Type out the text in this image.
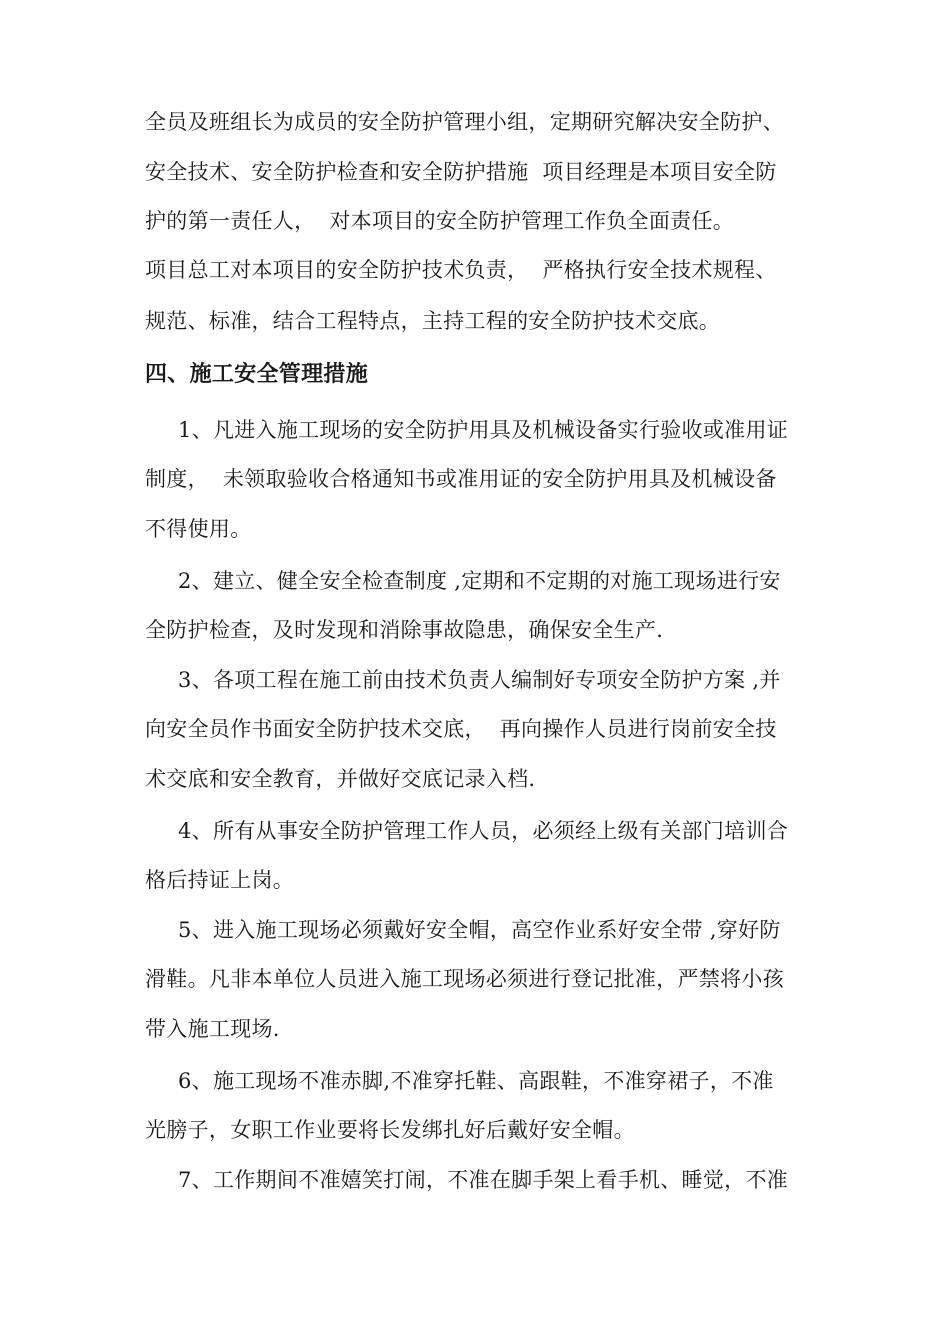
全员及班组长为成员的安全防护管理小组，定期研究解决安全防护、
安全技术、安全防护检查和安全防护措施  项目经理是本项目安全防
护的第一责任人，  对本项目的安全防护管理工作负全面责任。
项目总工对本项目的安全防护技术负责，  严格执行安全技术规程、
规范、标准，结合工程特点，主持工程的安全防护技术交底。
四、施工安全管理措施
1、凡进入施工现场的安全防护用具及机械设备实行验收或准用证
制度，  未领取验收合格通知书或准用证的安全防护用具及机械设备
不得使用。
2、建立、健全安全检查制度 ,定期和不定期的对施工现场进行安
全防护检查，及时发现和消除事故隐患，确保安全生产.
3、各项工程在施工前由技术负责人编制好专项安全防护方案 ,并
向安全员作书面安全防护技术交底，  再向操作人员进行岗前安全技
术交底和安全教育，并做好交底记录入档.
4、所有从事安全防护管理工作人员，必须经上级有关部门培训合
格后持证上岗。
5、进入施工现场必须戴好安全帽，高空作业系好安全带 ,穿好防
滑鞋。凡非本单位人员进入施工现场必须进行登记批准，严禁将小孩
带入施工现场.
6、施工现场不准赤脚,不准穿托鞋、高跟鞋，不准穿裙子，不准
光膀子，女职工作业要将长发绑扎好后戴好安全帽。
7、工作期间不准嬉笑打闹，不准在脚手架上看手机、睡觉，不准
